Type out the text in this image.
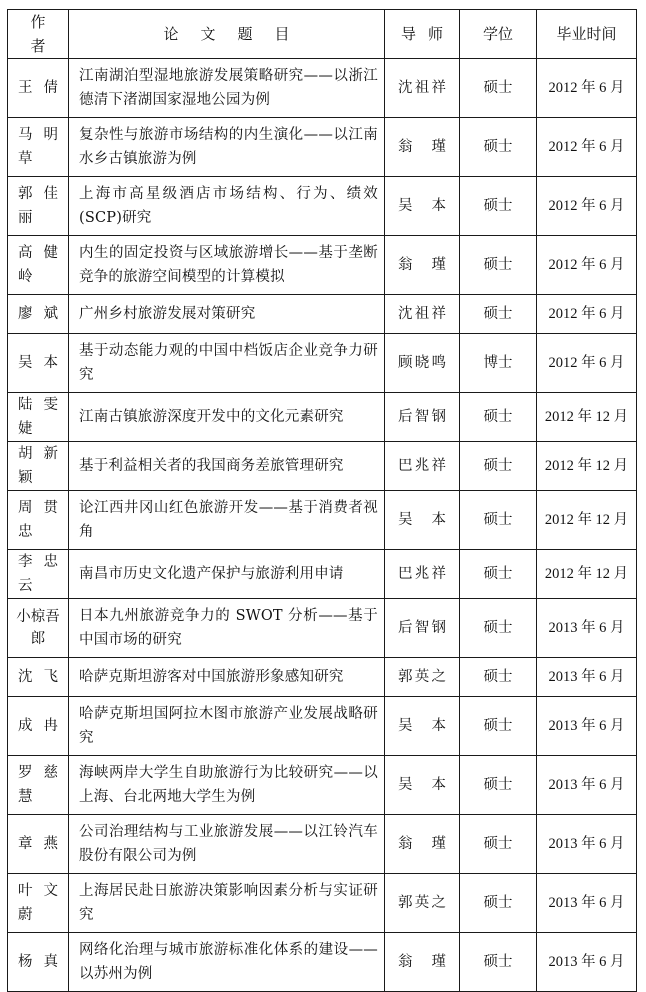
作者	论文题目	导师	学位	毕业时间
王倩	江南湖泊型湿地旅游发展策略研究——以浙江德清下渚湖国家湿地公园为例	沈祖祥	硕士	2012 年 6 月
马明草	复杂性与旅游市场结构的内生演化——以江南水乡古镇旅游为例	翁瑾	硕士	2012 年 6 月
郭佳丽	上海市高星级酒店市场结构、行为、绩效(SCP)研究	吴本	硕士	2012 年 6 月
高健岭	内生的固定投资与区域旅游增长——基于垄断竞争的旅游空间模型的计算模拟	翁瑾	硕士	2012 年 6 月
廖斌	广州乡村旅游发展对策研究	沈祖祥	硕士	2012 年 6 月
吴本	基于动态能力观的中国中档饭店企业竞争力研究	顾晓鸣	博士	2012 年 6 月
陆雯婕	江南古镇旅游深度开发中的文化元素研究	后智钢	硕士	2012 年 12 月
胡新颖	基于利益相关者的我国商务差旅管理研究	巴兆祥	硕士	2012 年 12 月
周贯忠	论江西井冈山红色旅游开发——基于消费者视角	吴本	硕士	2012 年 12 月
李忠云	南昌市历史文化遗产保护与旅游利用申请	巴兆祥	硕士	2012 年 12 月
小椋吾郎	日本九州旅游竞争力的 SWOT 分析——基于中国市场的研究	后智钢	硕士	2013 年 6 月
沈飞	哈萨克斯坦游客对中国旅游形象感知研究	郭英之	硕士	2013 年 6 月
成冉	哈萨克斯坦国阿拉木图市旅游产业发展战略研究	吴本	硕士	2013 年 6 月
罗慈慧	海峡两岸大学生自助旅游行为比较研究——以上海、台北两地大学生为例	吴本	硕士	2013 年 6 月
章燕	公司治理结构与工业旅游发展——以江铃汽车股份有限公司为例	翁瑾	硕士	2013 年 6 月
叶文蔚	上海居民赴日旅游决策影响因素分析与实证研究	郭英之	硕士	2013 年 6 月
杨真	网络化治理与城市旅游标准化体系的建设——以苏州为例	翁瑾	硕士	2013 年 6 月
